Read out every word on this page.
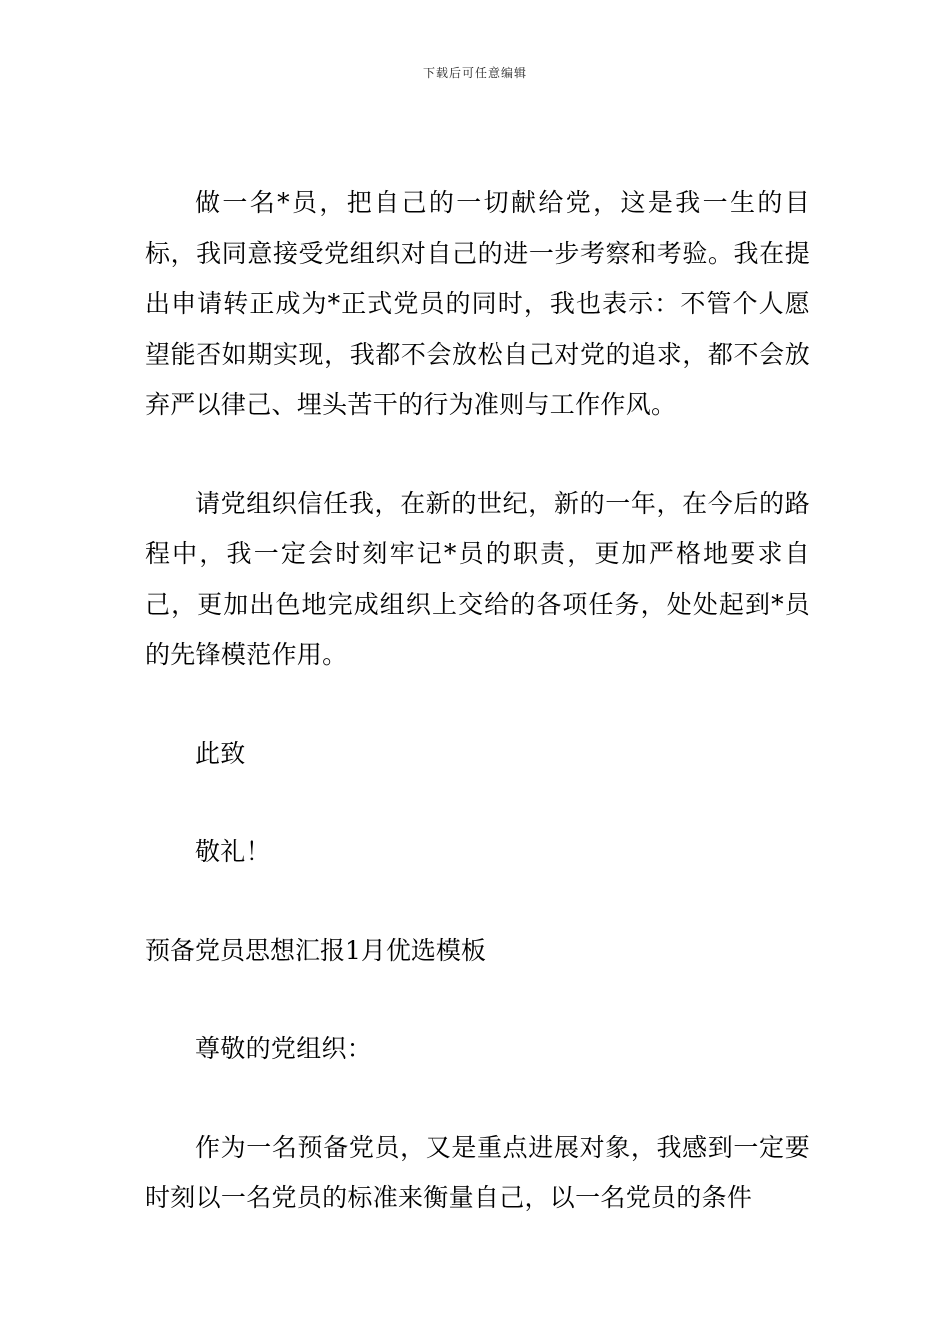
下载后可任意编辑

做一名*员，把自己的一切献给党，这是我一生的目标，我同意接受党组织对自己的进一步考察和考验。我在提出申请转正成为*正式党员的同时，我也表示：不管个人愿望能否如期实现，我都不会放松自己对党的追求，都不会放弃严以律己、埋头苦干的行为准则与工作作风。

请党组织信任我，在新的世纪，新的一年，在今后的路程中，我一定会时刻牢记*员的职责，更加严格地要求自己，更加出色地完成组织上交给的各项任务，处处起到*员的先锋模范作用。

此致

敬礼！

预备党员思想汇报1月优选模板

尊敬的党组织：

作为一名预备党员，又是重点进展对象，我感到一定要时刻以一名党员的标准来衡量自己，以一名党员的条件
